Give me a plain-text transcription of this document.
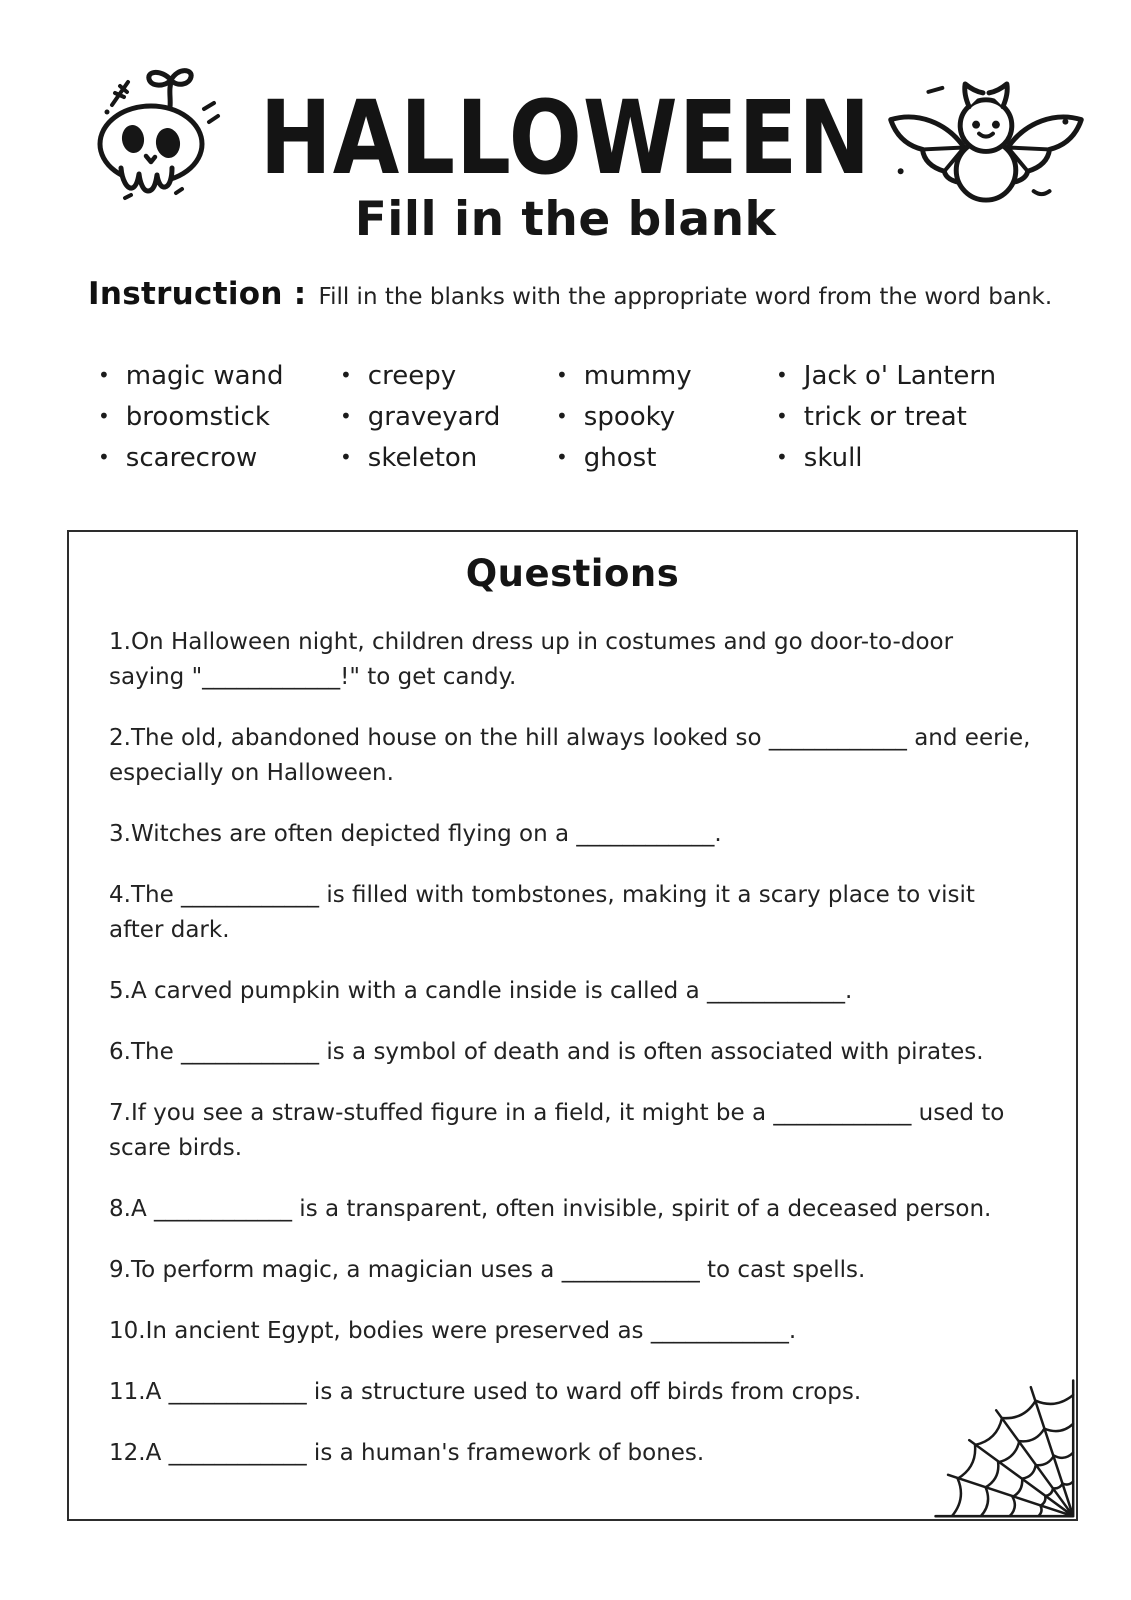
HALLOWEEN
Fill in the blank
Instruction : Fill in the blanks with the appropriate word from the word bank.
• magic wand
• broomstick
• scarecrow
• creepy
• graveyard
• skeleton
• mummy
• spooky
• ghost
• Jack o' Lantern
• trick or treat
• skull
Questions
1.On Halloween night, children dress up in costumes and go door-to-door saying "____________!" to get candy.
2.The old, abandoned house on the hill always looked so ____________ and eerie, especially on Halloween.
3.Witches are often depicted flying on a ____________.
4.The ____________ is filled with tombstones, making it a scary place to visit after dark.
5.A carved pumpkin with a candle inside is called a ____________.
6.The ____________ is a symbol of death and is often associated with pirates.
7.If you see a straw-stuffed figure in a field, it might be a ____________ used to scare birds.
8.A ____________ is a transparent, often invisible, spirit of a deceased person.
9.To perform magic, a magician uses a ____________ to cast spells.
10.In ancient Egypt, bodies were preserved as ____________.
11.A ____________ is a structure used to ward off birds from crops.
12.A ____________ is a human's framework of bones.
